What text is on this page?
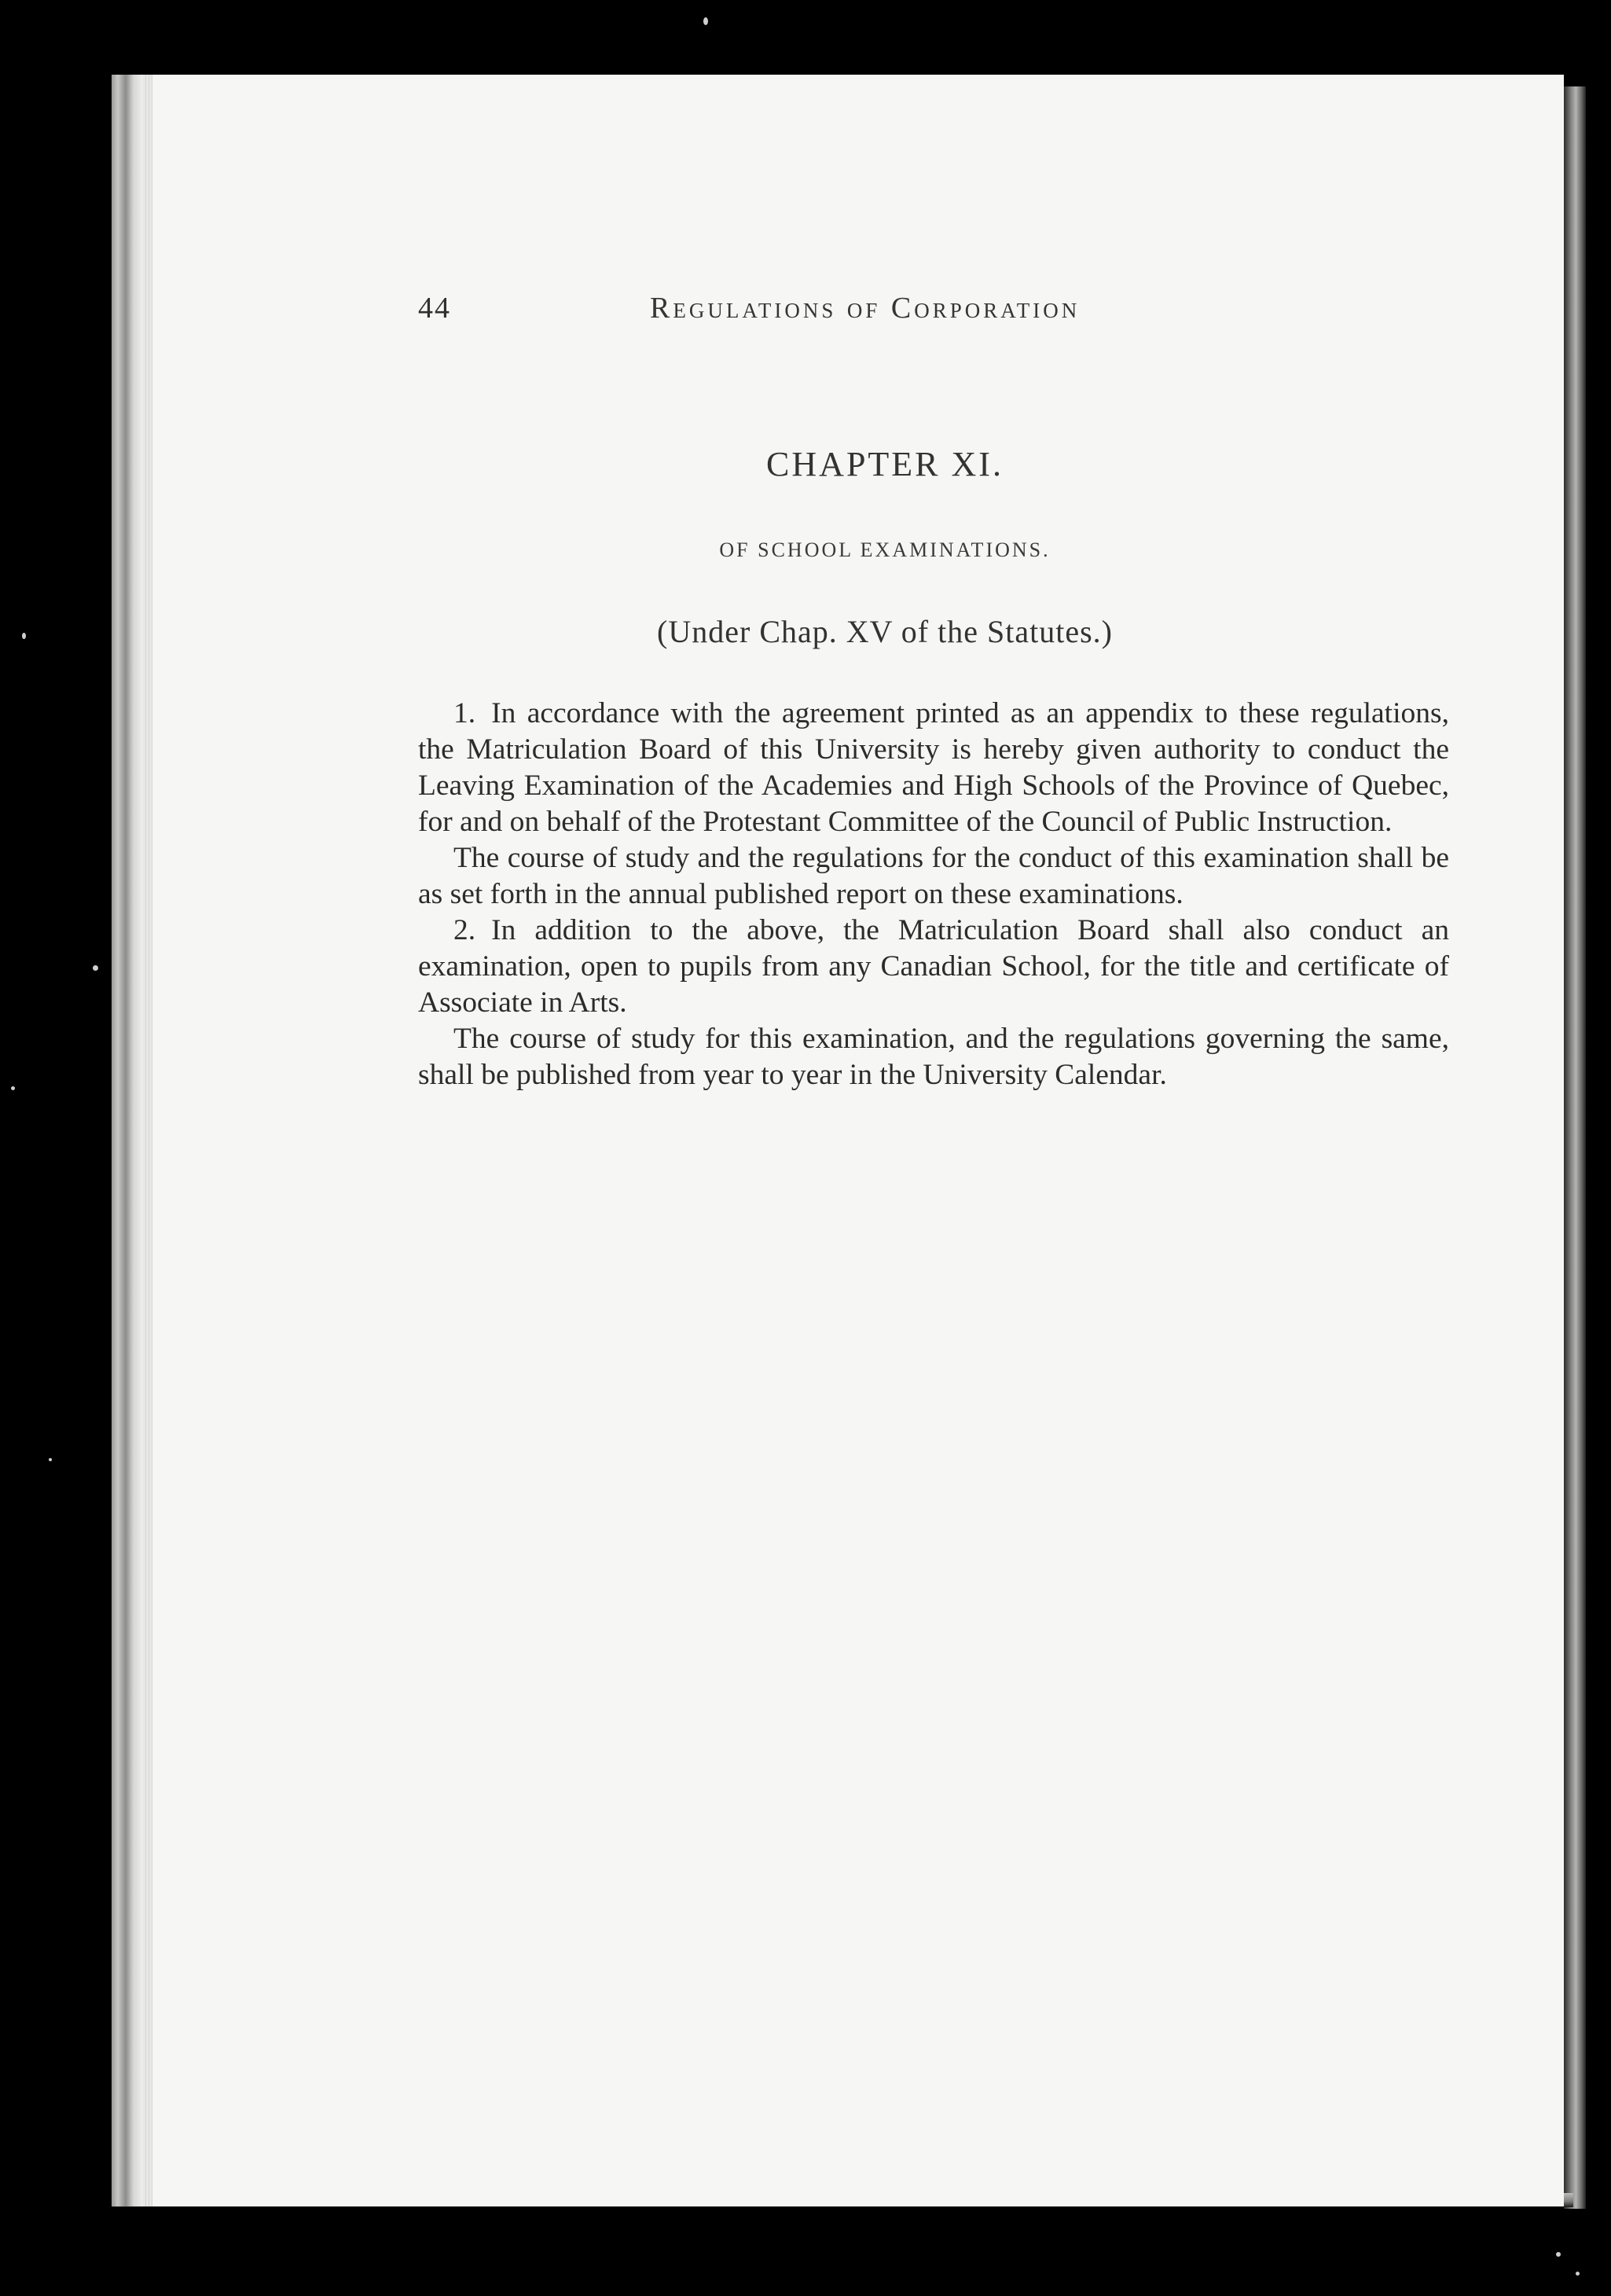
44	Regulations of Corporation
CHAPTER XI.
OF SCHOOL EXAMINATIONS.
(Under Chap. XV of the Statutes.)

1. In accordance with the agreement printed as an appendix to these regulations, the Matriculation Board of this University is hereby given authority to conduct the Leaving Examination of the Academies and High Schools of the Province of Quebec, for and on behalf of the Protestant Committee of the Council of Public Instruction.

The course of study and the regulations for the conduct of this examination shall be as set forth in the annual published report on these examinations.

2. In addition to the above, the Matriculation Board shall also conduct an examination, open to pupils from any Canadian School, for the title and certificate of Associate in Arts.

The course of study for this examination, and the regulations governing the same, shall be published from year to year in the University Calendar.
